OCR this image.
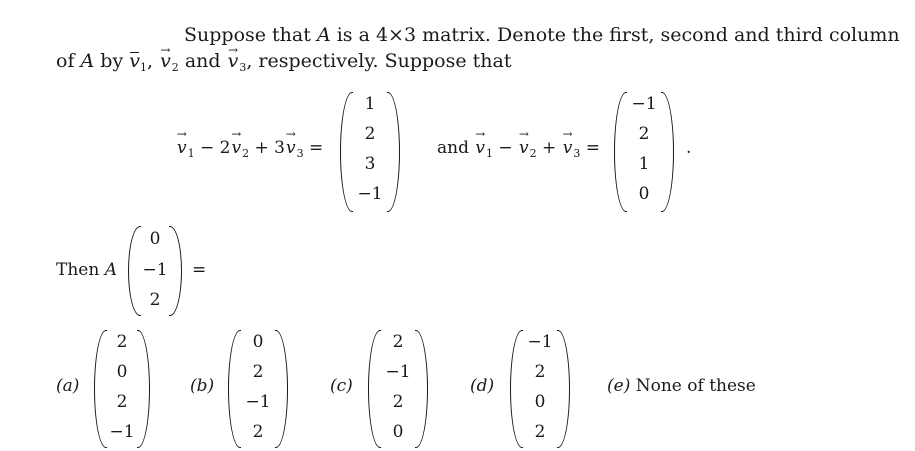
Suppose that A is a 4×3 matrix. Denote the first, second and third column
of A by $v_1$, → $v_2$ and → $v_3$, respectively. Suppose that
→ $v_1 - 2\to v_2 + 3\to v_3$ =
1
2
3
−1
and → $v_1$ − → $v_2$ + → $v_3$ =
−1
2
1
0
.
Then A
0
−1
2
=
(a)
2
0
2
−1
(b)
0
2
−1
2
(c)
2
−1
2
0
(d)
−1
2
0
2
(e) None of these
